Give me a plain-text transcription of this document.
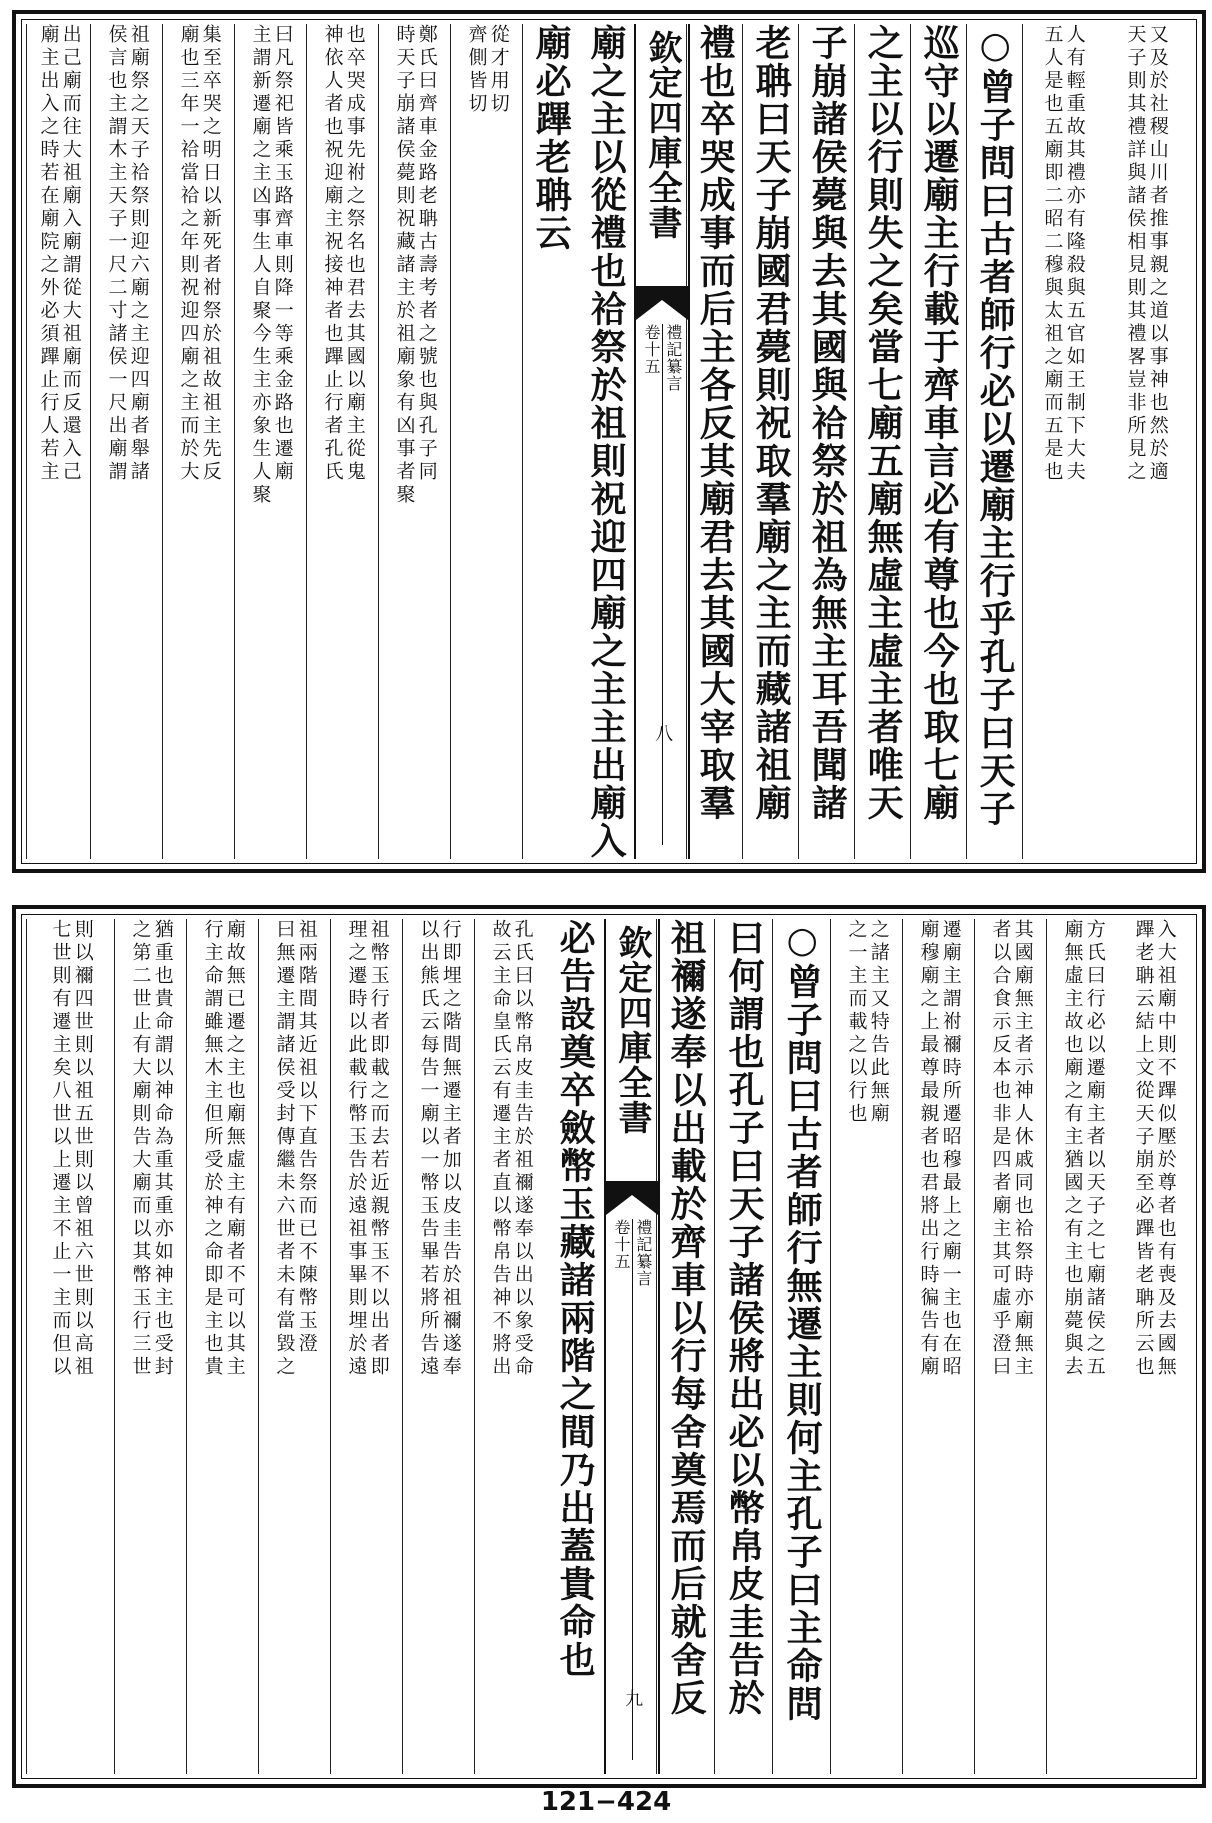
又及於社稷山川者推事親之道以事神也然於適
天子則其禮詳與諸侯相見則其禮畧豈非所見之
人有輕重故其禮亦有隆殺與五官如王制下大夫
五人是也五廟即二昭二穆與太祖之廟而五是也
○曾子問曰古者師行必以遷廟主行乎孔子曰天子
巡守以遷廟主行載于齊車言必有尊也今也取七廟
之主以行則失之矣當七廟五廟無虛主虛主者唯天
子崩諸侯薨與去其國與祫祭於祖為無主耳吾聞諸
老聃曰天子崩國君薨則祝取羣廟之主而藏諸祖廟
禮也卒哭成事而后主各反其廟君去其國大宰取羣
欽定四庫全書
禮記纂言
卷十五
八
廟之主以從禮也祫祭於祖則祝迎四廟之主主出廟入
廟必蹕老聃云
從才用切
齊側皆切
鄭氏曰齊車金路老聃古壽考者之號也與孔子同
時天子崩諸侯薨則祝藏諸主於祖廟象有凶事者聚
也卒哭成事先祔之祭名也君去其國以廟主從鬼
神依人者也祝迎廟主祝接神者也蹕止行者孔氏
曰凡祭祀皆乘玉路齊車則降一等乘金路也遷廟
主謂新遷廟之主凶事生人自聚今生主亦象生人聚
集至卒哭之明日以新死者祔祭於祖故祖主先反
廟也三年一祫當祫之年則祝迎四廟之主而於大
祖廟祭之天子祫祭則迎六廟之主迎四廟者舉諸
侯言也主謂木主天子一尺二寸諸侯一尺出廟謂
出己廟而往大祖廟入廟謂從大祖廟而反還入己
廟主出入之時若在廟院之外必須蹕止行人若主
入大祖廟中則不蹕似壓於尊者也有喪及去國無
蹕老聃云結上文從天子崩至必蹕皆老聃所云也
方氏曰行必以遷廟主者以天子之七廟諸侯之五
廟無虛主故也廟之有主猶國之有主也崩薨與去
其國廟無主者示神人休戚同也祫祭時亦廟無主
者以合食示反本也非是四者廟主其可虛乎澄曰
遷廟主謂祔禰時所遷昭穆最上之廟一主也在昭
廟穆廟之上最尊最親者也君將出行時徧告有廟
之諸主又特告此無廟
之一主而載之以行也
○曾子問曰古者師行無遷主則何主孔子曰主命問
曰何謂也孔子曰天子諸侯將出必以幣帛皮圭告於
祖禰遂奉以出載於齊車以行每舍奠焉而后就舍反
欽定四庫全書
禮記纂言
卷十五
九
必告設奠卒斂幣玉藏諸兩階之間乃出蓋貴命也
孔氏曰以幣帛皮圭告於祖禰遂奉以出以象受命
故云主命皇氏云有遷主者直以幣帛告神不將出
行即埋之階間無遷主者加以皮圭告於祖禰遂奉
以出熊氏云每告一廟以一幣玉告畢若將所告遠
祖幣玉行者即載之而去若近親幣玉不以出者即
理之遷時以此載行幣玉告於遠祖事畢則埋於遠
祖兩階間其近祖以下直告祭而已不陳幣玉澄
曰無遷主謂諸侯受封傳繼未六世者未有當毀之
廟故無已遷之主也廟無虛主有廟者不可以其主
行主命謂雖無木主但所受於神之命即是主也貴
猶重也貴命謂以神命為重其重亦如神主也受封
之第二世止有大廟則告大廟而以其幣玉行三世
則以禰四世則以祖五世則以曾祖六世則以高祖
七世則有遷主矣八世以上遷主不止一主而但以
121−424
